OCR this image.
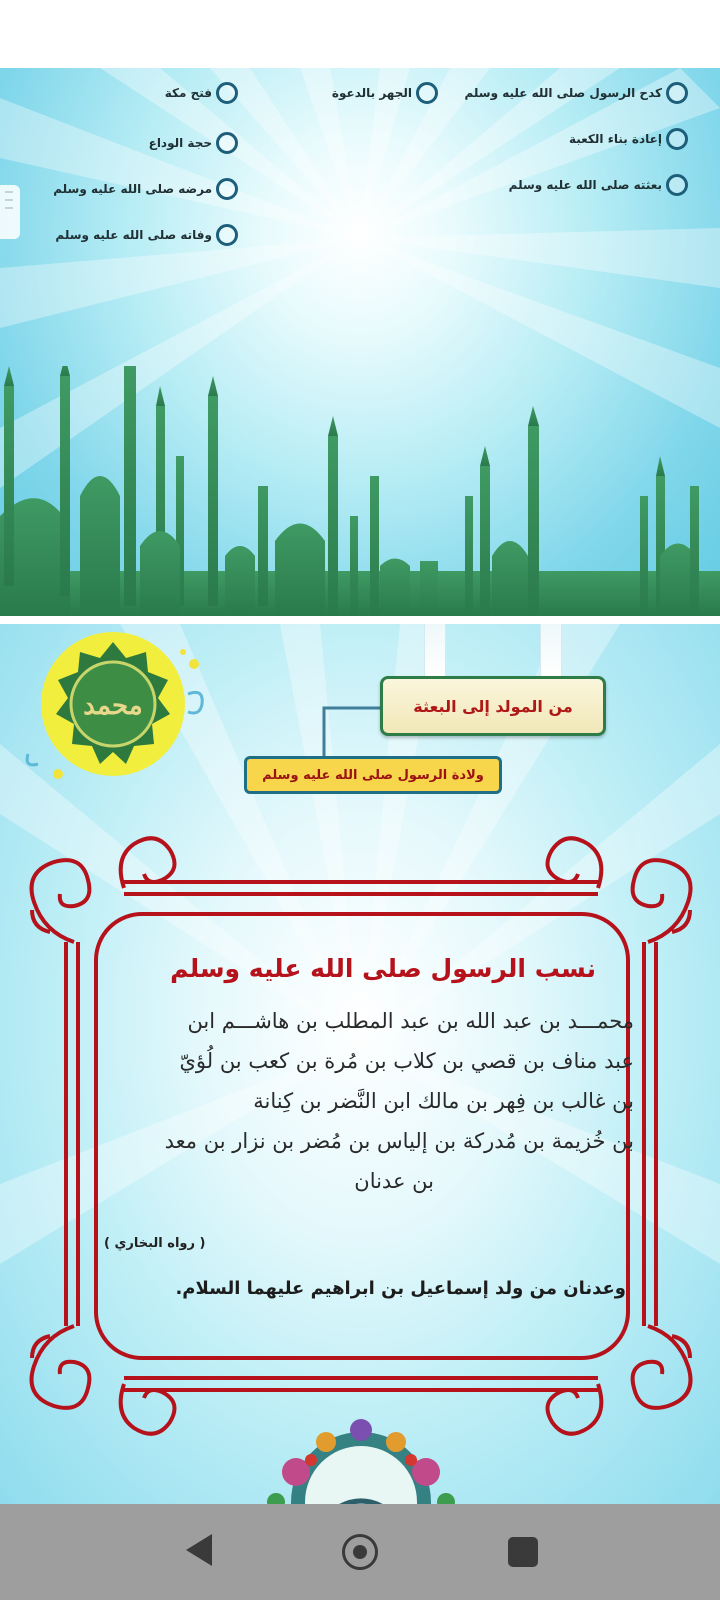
كدح الرسول صلى الله عليه وسلم
الجهر بالدعوة
فتح مكة
إعادة بناء الكعبة
حجة الوداع
بعثته صلى الله عليه وسلم
مرضه صلى الله عليه وسلم
وفاته صلى الله عليه وسلم
محمد	من المولد إلى البعثة
ولادة الرسول صلى الله عليه وسلم
نسب الرسول صلى الله عليه وسلم

محمـــد بن عبد الله بن عبد المطلب بن هاشـــم ابن

عبد مناف بن قصي بن كلاب بن مُرة بن كعب بن لُؤيّ

بن غالب بن فِهر بن مالك ابن النَّضر بن كِنانة

بن خُزيمة بن مُدركة بن إلياس بن مُضر بن نزار بن معد

بن عدنان

( رواه البخاري )
وعدنان من ولد إسماعيل بن ابراهيم عليهما السلام.
